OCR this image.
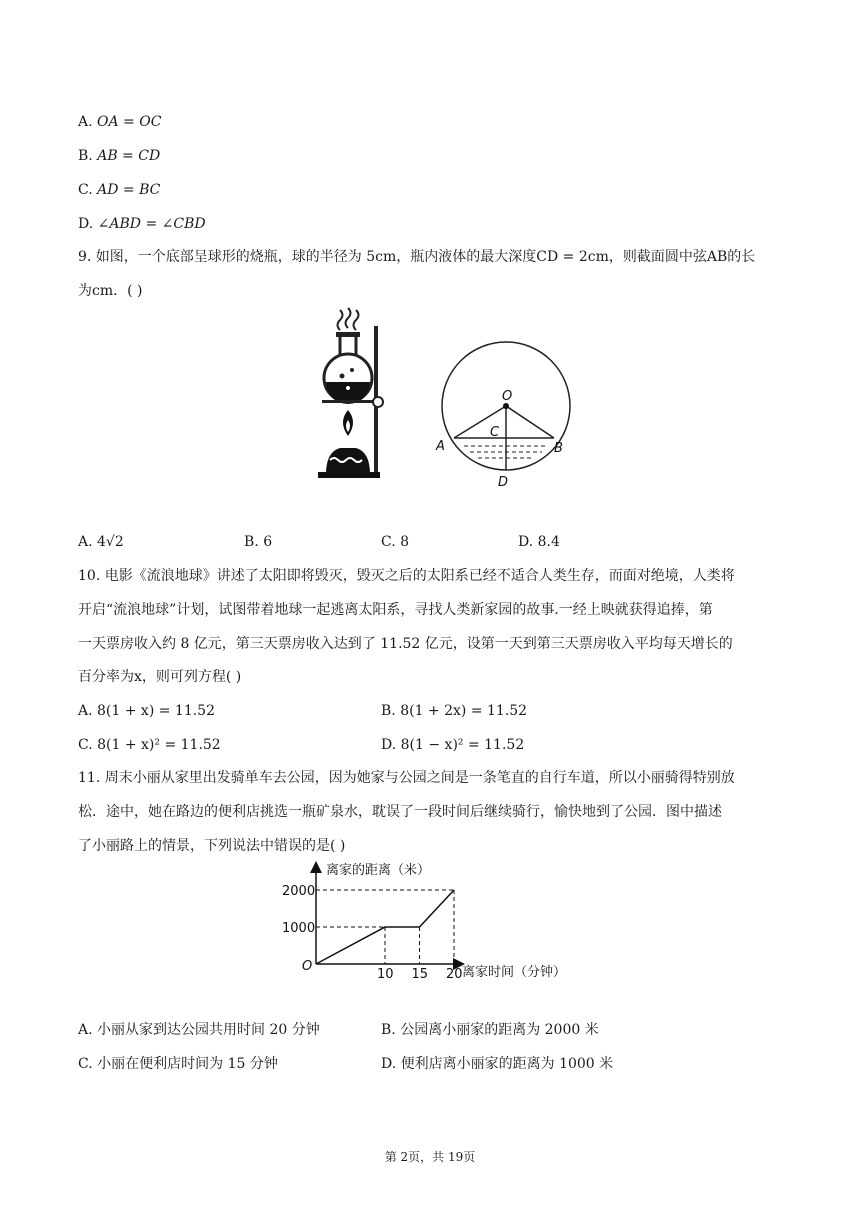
A. OA = OC
B. AB = CD
C. AD = BC
D. ∠ABD = ∠CBD
9. 如图，一个底部呈球形的烧瓶，球的半径为 5cm，瓶内液体的最大深度CD = 2cm，则截面圆中弦AB的长
为cm．( )
O
C
A	B
D
A. 4√2	B. 6	C. 8	D. 8.4
10. 电影《流浪地球》讲述了太阳即将毁灭，毁灭之后的太阳系已经不适合人类生存，而面对绝境，人类将
开启“流浪地球”计划，试图带着地球一起逃离太阳系，寻找人类新家园的故事.一经上映就获得追捧，第
一天票房收入约 8 亿元，第三天票房收入达到了 11.52 亿元，设第一天到第三天票房收入平均每天增长的
百分率为x，则可列方程( )
A. 8(1 + x) = 11.52	B. 8(1 + 2x) = 11.52
C. 8(1 + x)² = 11.52	D. 8(1 − x)² = 11.52
11. 周末小丽从家里出发骑单车去公园，因为她家与公园之间是一条笔直的自行车道，所以小丽骑得特别放
松．途中，她在路边的便利店挑选一瓶矿泉水，耽误了一段时间后继续骑行，愉快地到了公园．图中描述
了小丽路上的情景，下列说法中错误的是( )
离家的距离（米）
离家时间（分钟）
O
10 15 20
1000
2000
A. 小丽从家到达公园共用时间 20 分钟	B. 公园离小丽家的距离为 2000 米
C. 小丽在便利店时间为 15 分钟	D. 便利店离小丽家的距离为 1000 米
第 2页，共 19页
